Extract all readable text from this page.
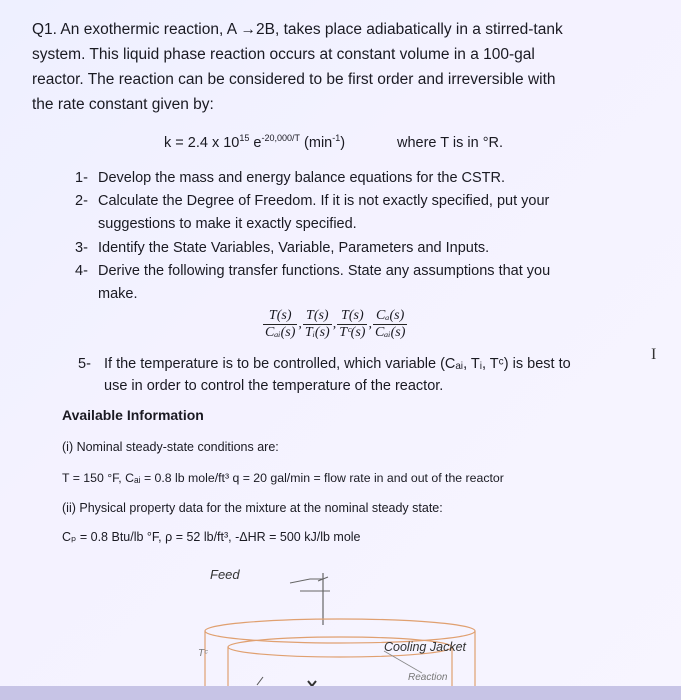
Q1. An exothermic reaction, A →2B, takes place adiabatically in a stirred-tank
system. This liquid phase reaction occurs at constant volume in a 100-gal
reactor. The reaction can be considered to be first order and irreversible with
the rate constant given by:
k = 2.4 x $10^{15}$ $e^{-20,000/T}$ $(\min^{-1})$	where T is in °R.
1- Develop the mass and energy balance equations for the CSTR.
2- Calculate the Degree of Freedom. If it is not exactly specified, put your
suggestions to make it exactly specified.
3- Identify the State Variables, Variable, Parameters and Inputs.
4- Derive the following transfer functions. State any assumptions that you
make.
$\frac{T(s)}{\text{Cₐᵢ(s)}}$ , $\frac{T(s)}{\text{Tᵢ(s)}}$ , $\frac{T(s)}{\text{Tᶜ(s)}}$ , $\frac{\text{Cₐ(s)}}{\text{Cₐᵢ(s)}}$
5- If the temperature is to be controlled, which variable (Cₐᵢ, Tᵢ, Tᶜ) is best to
use in order to control the temperature of the reactor.
I
Available Information
(i) Nominal steady-state conditions are:
T = 150 °F, Cₐᵢ = 0.8 lb mole/ft³ q = 20 gal/min = flow rate in and out of the reactor
(ii) Physical property data for the mixture at the nominal steady state:
Cₚ = 0.8 Btu/lb °F, ρ = 52 lb/ft³, -ΔHR = 500 kJ/lb mole
Feed
Cooling Jacket
Tᶜ
Reaction
